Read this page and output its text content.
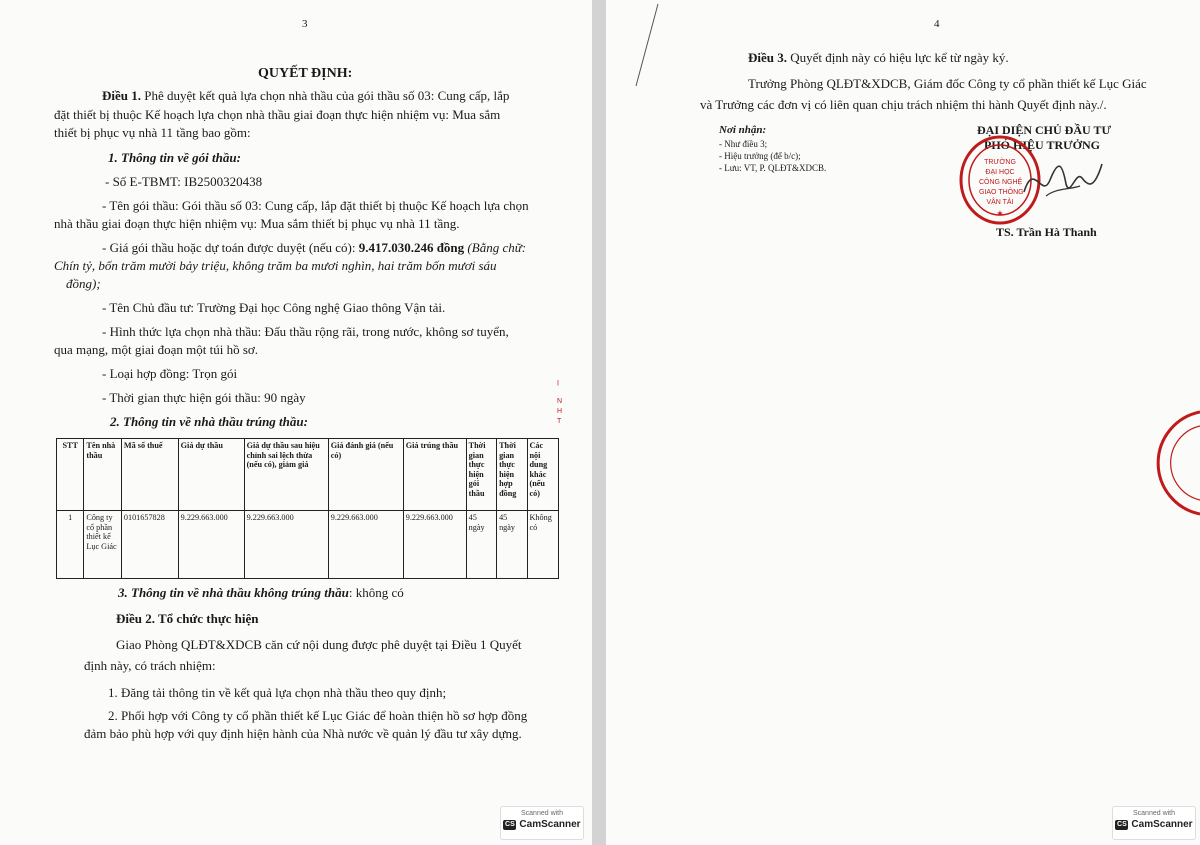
3
QUYẾT ĐỊNH:
Điều 1. Phê duyệt kết quả lựa chọn nhà thầu của gói thầu số 03: Cung cấp, lắp
đặt thiết bị thuộc Kế hoạch lựa chọn nhà thầu giai đoạn thực hiện nhiệm vụ: Mua sắm
thiết bị phục vụ nhà 11 tầng bao gồm:
1. Thông tin về gói thầu:
- Số E-TBMT: IB2500320438
- Tên gói thầu: Gói thầu số 03: Cung cấp, lắp đặt thiết bị thuộc Kế hoạch lựa chọn
nhà thầu giai đoạn thực hiện nhiệm vụ: Mua sắm thiết bị phục vụ nhà 11 tầng.
- Giá gói thầu hoặc dự toán được duyệt (nếu có): 9.417.030.246 đồng (Bằng chữ:
Chín tỷ, bốn trăm mười bảy triệu, không trăm ba mươi nghìn, hai trăm bốn mươi sáu
đồng);
- Tên Chủ đầu tư: Trường Đại học Công nghệ Giao thông Vận tải.
- Hình thức lựa chọn nhà thầu: Đấu thầu rộng rãi, trong nước, không sơ tuyển,
qua mạng, một giai đoạn một túi hồ sơ.
- Loại hợp đồng: Trọn gói
- Thời gian thực hiện gói thầu: 90 ngày
2. Thông tin về nhà thầu trúng thầu:
STT	Tên nhà thầu	Mã số thuế	Giá dự thầu	Giá dự thầu sau hiệu chỉnh sai lệch thừa (nếu có), giảm giá	Giá đánh giá (nếu có)	Giá trúng thầu	Thời gian thực hiện gói thầu	Thời gian thực hiện hợp đồng	Các nội dung khác (nếu có)
1	Công ty cổ phần thiết kế Lục Giác	0101657828	9.229.663.000	9.229.663.000	9.229.663.000	9.229.663.000	45 ngày	45 ngày	Không có
Ị
N
H
T
3. Thông tin về nhà thầu không trúng thầu: không có
Điều 2. Tổ chức thực hiện
Giao Phòng QLĐT&XDCB căn cứ nội dung được phê duyệt tại Điều 1 Quyết
định này, có trách nhiệm:
1. Đăng tải thông tin về kết quả lựa chọn nhà thầu theo quy định;
2. Phối hợp với Công ty cổ phần thiết kế Lục Giác để hoàn thiện hồ sơ hợp đồng
đảm bảo phù hợp với quy định hiện hành của Nhà nước về quản lý đầu tư xây dựng.
Scanned with
CS CamScanner
4
Điều 3. Quyết định này có hiệu lực kể từ ngày ký.
Trưởng Phòng QLĐT&XDCB, Giám đốc Công ty cổ phần thiết kế Lục Giác
và Trưởng các đơn vị có liên quan chịu trách nhiệm thi hành Quyết định này./.
Nơi nhận:
- Như điều 3;
- Hiệu trưởng (để b/c);
- Lưu: VT, P. QLĐT&XDCB.
ĐẠI DIỆN CHỦ ĐẦU TƯ
PHÓ HIỆU TRƯỞNG
★
TRƯỜNG
ĐẠI HỌC
CÔNG NGHỆ
GIAO THÔNG
VẬN TẢI
TS. Trần Hà Thanh
Scanned with
CS CamScanner
